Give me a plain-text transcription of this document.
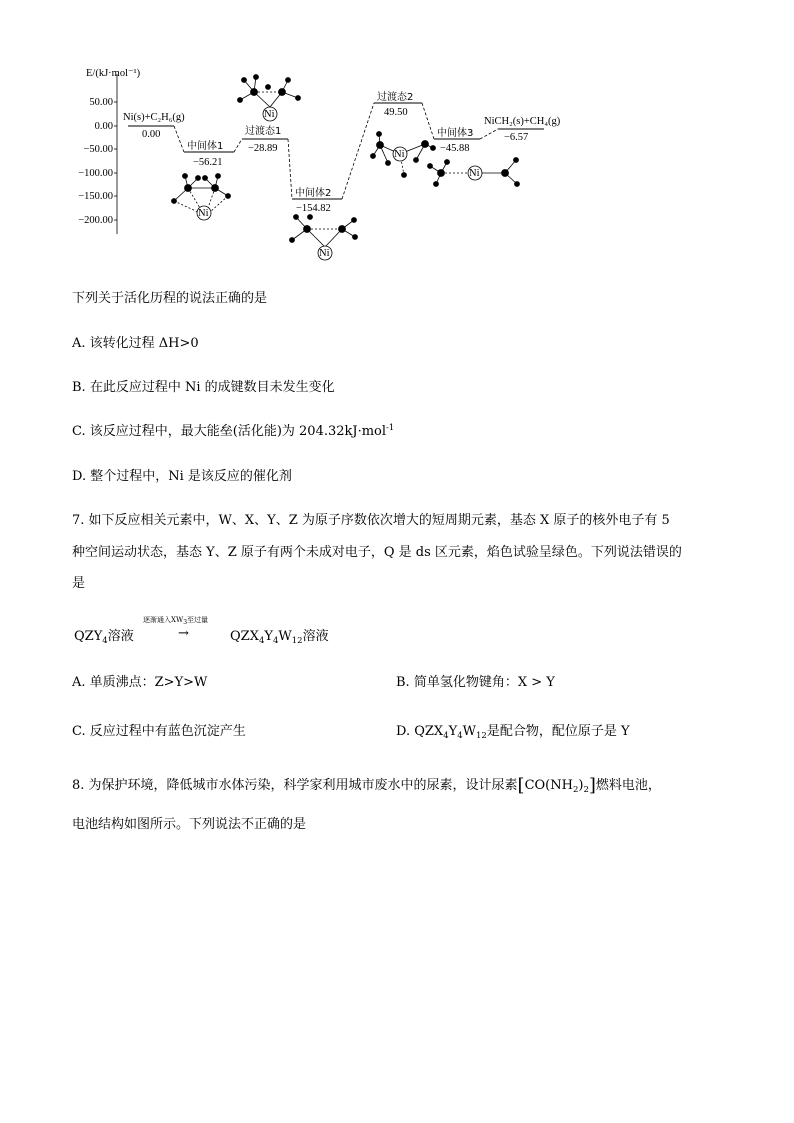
E/(kJ·mol⁻¹)
50.00
0.00
−50.00
−100.00
−150.00
−200.00
Ni(s)+C₂H₆(g)
0.00
中间体1
−56.21
过渡态1
−28.89
中间体2
−154.82
过渡态2
49.50
中间体3
−45.88
NiCH₂(s)+CH₄(g)
−6.57
Ni
Ni
Ni
Ni
Ni
下列关于活化历程的说法正确的是
A. 该转化过程 ΔH>0
B. 在此反应过程中 Ni 的成键数目未发生变化
C. 该反应过程中，最大能垒(活化能)为 204.32kJ·mol$^{-1}$
D. 整个过程中，Ni 是该反应的催化剂
7. 如下反应相关元素中，W、X、Y、Z 为原子序数依次增大的短周期元素，基态 X 原子的核外电子有 5
种空间运动状态，基态 Y、Z 原子有两个未成对电子，Q 是 ds 区元素，焰色试验呈绿色。下列说法错误的
是
$QZY_4$溶液
逐渐通入$XW_3$至过量
→	$QZX_4Y_4W_{12}$溶液
A. 单质沸点：Z>Y>W	B. 简单氢化物键角：X > Y
C. 反应过程中有蓝色沉淀产生	D. $QZX_4Y_4W_{12}$是配合物，配位原子是 Y
8. 为保护环境，降低城市水体污染，科学家利用城市废水中的尿素，设计尿素$[CO(NH_2)_2]$燃料电池，
电池结构如图所示。下列说法不正确的是
